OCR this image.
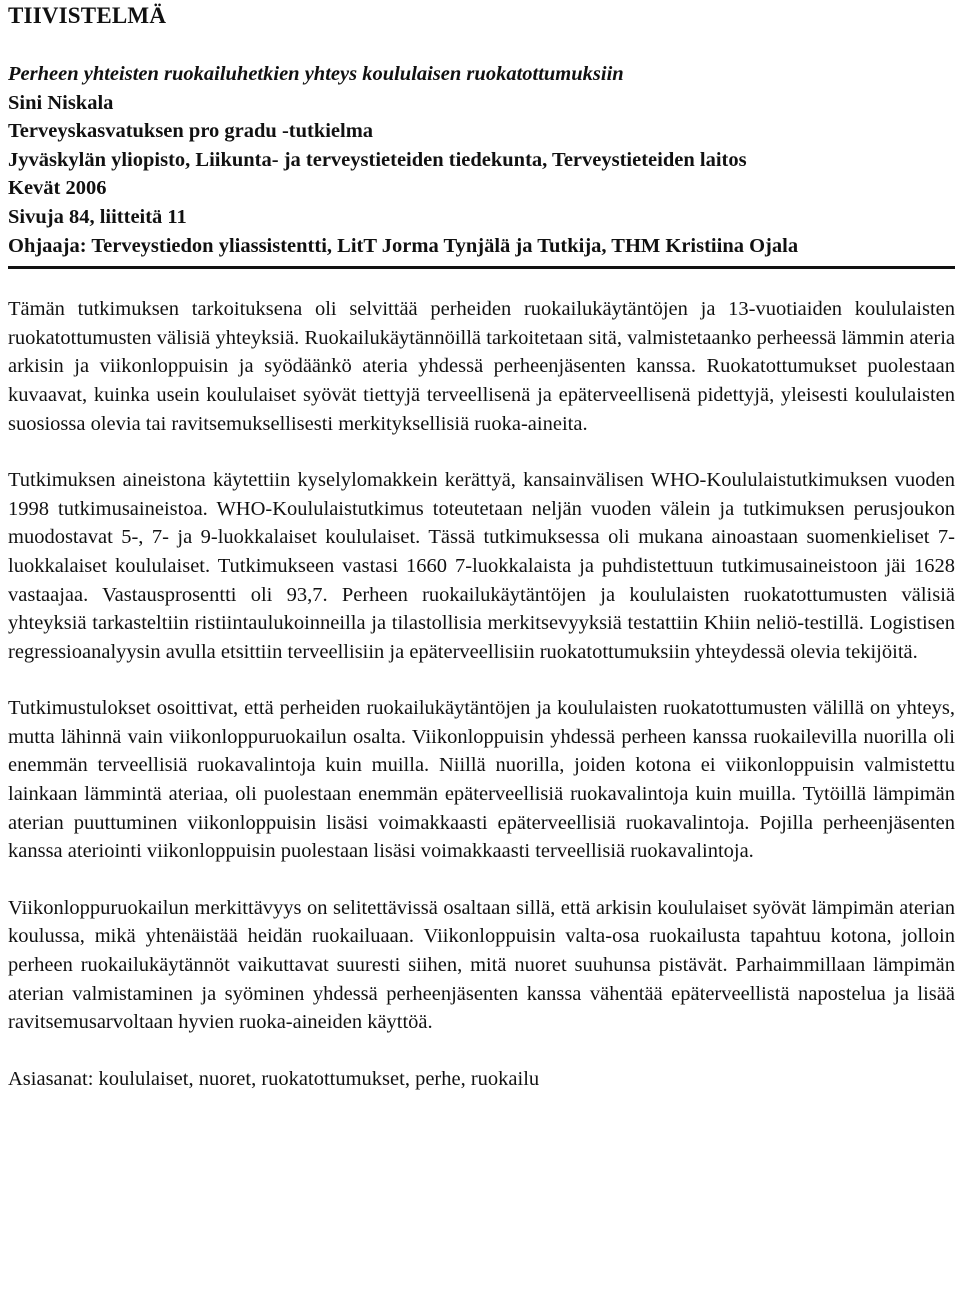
TIIVISTELMÄ
Perheen yhteisten ruokailuhetkien yhteys koululaisen ruokatottumuksiin
Sini Niskala
Terveyskasvatuksen pro gradu -tutkielma
Jyväskylän yliopisto, Liikunta- ja terveystieteiden tiedekunta, Terveystieteiden laitos
Kevät 2006
Sivuja 84, liitteitä 11
Ohjaaja: Terveystiedon yliassistentti, LitT Jorma Tynjälä ja Tutkija, THM Kristiina Ojala

Tämän tutkimuksen tarkoituksena oli selvittää perheiden ruokailukäytäntöjen ja 13-vuotiaiden koululaisten ruokatottumusten välisiä yhteyksiä. Ruokailukäytännöillä tarkoitetaan sitä, valmistetaanko perheessä lämmin ateria arkisin ja viikonloppuisin ja syödäänkö ateria yhdessä perheenjäsenten kanssa. Ruokatottumukset puolestaan kuvaavat, kuinka usein koululaiset syövät tiettyjä terveellisenä ja epäterveellisenä pidettyjä, yleisesti koululaisten suosiossa olevia tai ravitsemuksellisesti merkityksellisiä ruoka-aineita.

Tutkimuksen aineistona käytettiin kyselylomakkein kerättyä, kansainvälisen WHO-Koululaistutkimuksen vuoden 1998 tutkimusaineistoa. WHO-Koululaistutkimus toteutetaan neljän vuoden välein ja tutkimuksen perusjoukon muodostavat 5-, 7- ja 9-luokkalaiset koululaiset. Tässä tutkimuksessa oli mukana ainoastaan suomenkieliset 7-luokkalaiset koululaiset. Tutkimukseen vastasi 1660 7-luokkalaista ja puhdistettuun tutkimusaineistoon jäi 1628 vastaajaa. Vastausprosentti oli 93,7. Perheen ruokailukäytäntöjen ja koululaisten ruokatottumusten välisiä yhteyksiä tarkasteltiin ristiintaulukoinneilla ja tilastollisia merkitsevyyksiä testattiin Khiin neliö-testillä. Logistisen regressioanalyysin avulla etsittiin terveellisiin ja epäterveellisiin ruokatottumuksiin yhteydessä olevia tekijöitä.

Tutkimustulokset osoittivat, että perheiden ruokailukäytäntöjen ja koululaisten ruokatottumusten välillä on yhteys, mutta lähinnä vain viikonloppuruokailun osalta. Viikonloppuisin yhdessä perheen kanssa ruokailevilla nuorilla oli enemmän terveellisiä ruokavalintoja kuin muilla. Niillä nuorilla, joiden kotona ei viikonloppuisin valmistettu lainkaan lämmintä ateriaa, oli puolestaan enemmän epäterveellisiä ruokavalintoja kuin muilla. Tytöillä lämpimän aterian puuttuminen viikonloppuisin lisäsi voimakkaasti epäterveellisiä ruokavalintoja. Pojilla perheenjäsenten kanssa ateriointi viikonloppuisin puolestaan lisäsi voimakkaasti terveellisiä ruokavalintoja.

Viikonloppuruokailun merkittävyys on selitettävissä osaltaan sillä, että arkisin koululaiset syövät lämpimän aterian koulussa, mikä yhtenäistää heidän ruokailuaan. Viikonloppuisin valta-osa ruokailusta tapahtuu kotona, jolloin perheen ruokailukäytännöt vaikuttavat suuresti siihen, mitä nuoret suuhunsa pistävät. Parhaimmillaan lämpimän aterian valmistaminen ja syöminen yhdessä perheenjäsenten kanssa vähentää epäterveellistä napostelua ja lisää ravitsemusarvoltaan hyvien ruoka-aineiden käyttöä.

Asiasanat: koululaiset, nuoret, ruokatottumukset, perhe, ruokailu
